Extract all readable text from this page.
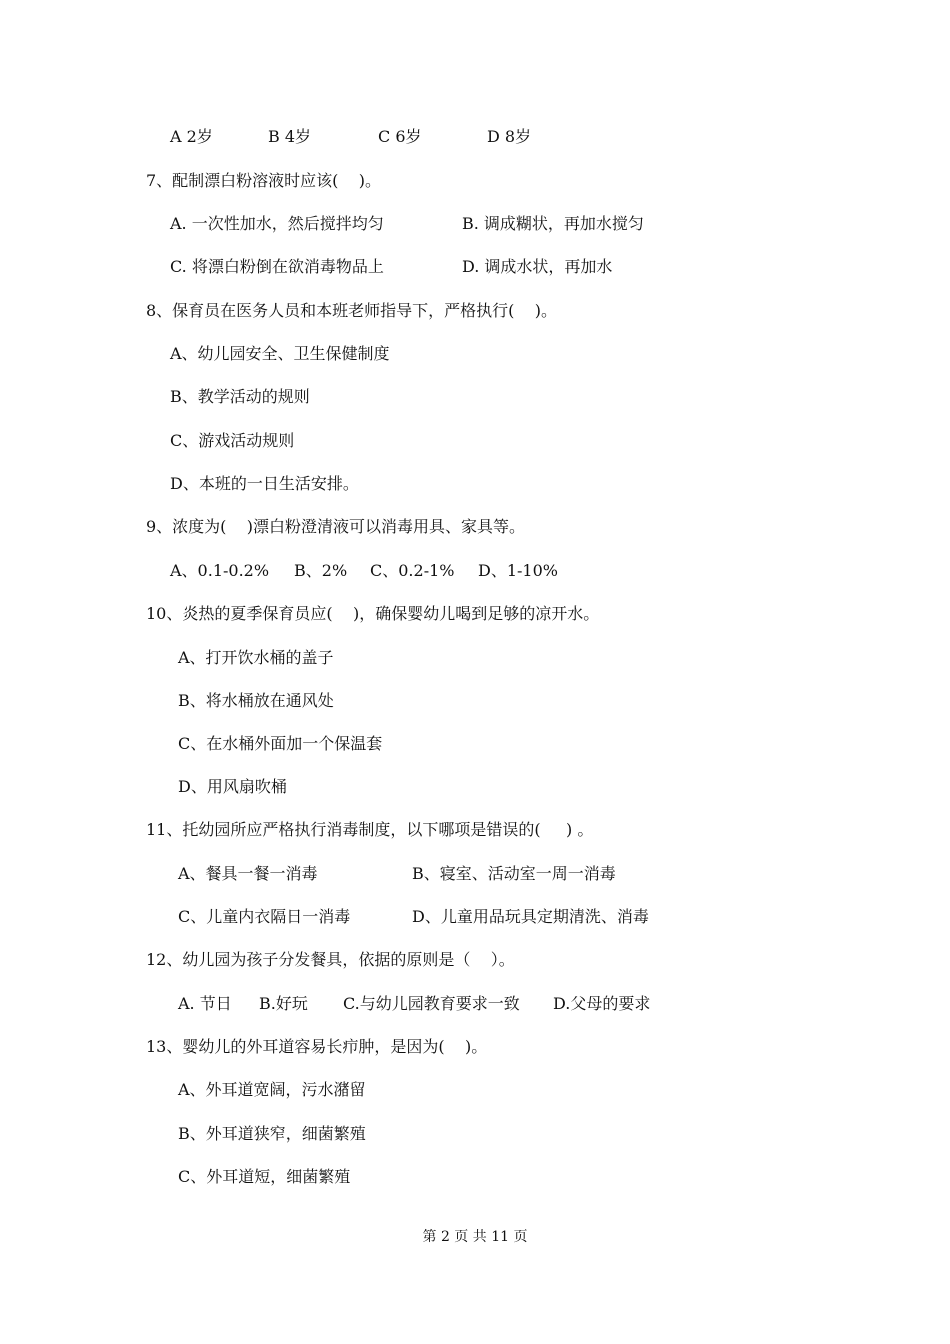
A 2岁	B 4岁	C 6岁	D 8岁
7、配制漂白粉溶液时应该(    )。
A. 一次性加水，然后搅拌均匀	B. 调成糊状，再加水搅匀
C. 将漂白粉倒在欲消毒物品上	D. 调成水状，再加水
8、保育员在医务人员和本班老师指导下，严格执行(    )。
A、幼儿园安全、卫生保健制度
B、教学活动的规则
C、游戏活动规则
D、本班的一日生活安排。
9、浓度为(    )漂白粉澄清液可以消毒用具、家具等。
A、0.1-0.2% B、2% C、0.2-1% D、1-10%
10、炎热的夏季保育员应(    )，确保婴幼儿喝到足够的凉开水。
A、打开饮水桶的盖子
B、将水桶放在通风处
C、在水桶外面加一个保温套
D、用风扇吹桶
11、托幼园所应严格执行消毒制度，以下哪项是错误的(     ) 。
A、餐具一餐一消毒	B、寝室、活动室一周一消毒
C、儿童内衣隔日一消毒	D、儿童用品玩具定期清洗、消毒
12、幼儿园为孩子分发餐具，依据的原则是（    ）。
A. 节日 B.好玩 C.与幼儿园教育要求一致 D.父母的要求
13、婴幼儿的外耳道容易长疖肿，是因为(    )。
A、外耳道宽阔，污水潴留
B、外耳道狭窄，细菌繁殖
C、外耳道短，细菌繁殖
第 2 页 共 11 页
